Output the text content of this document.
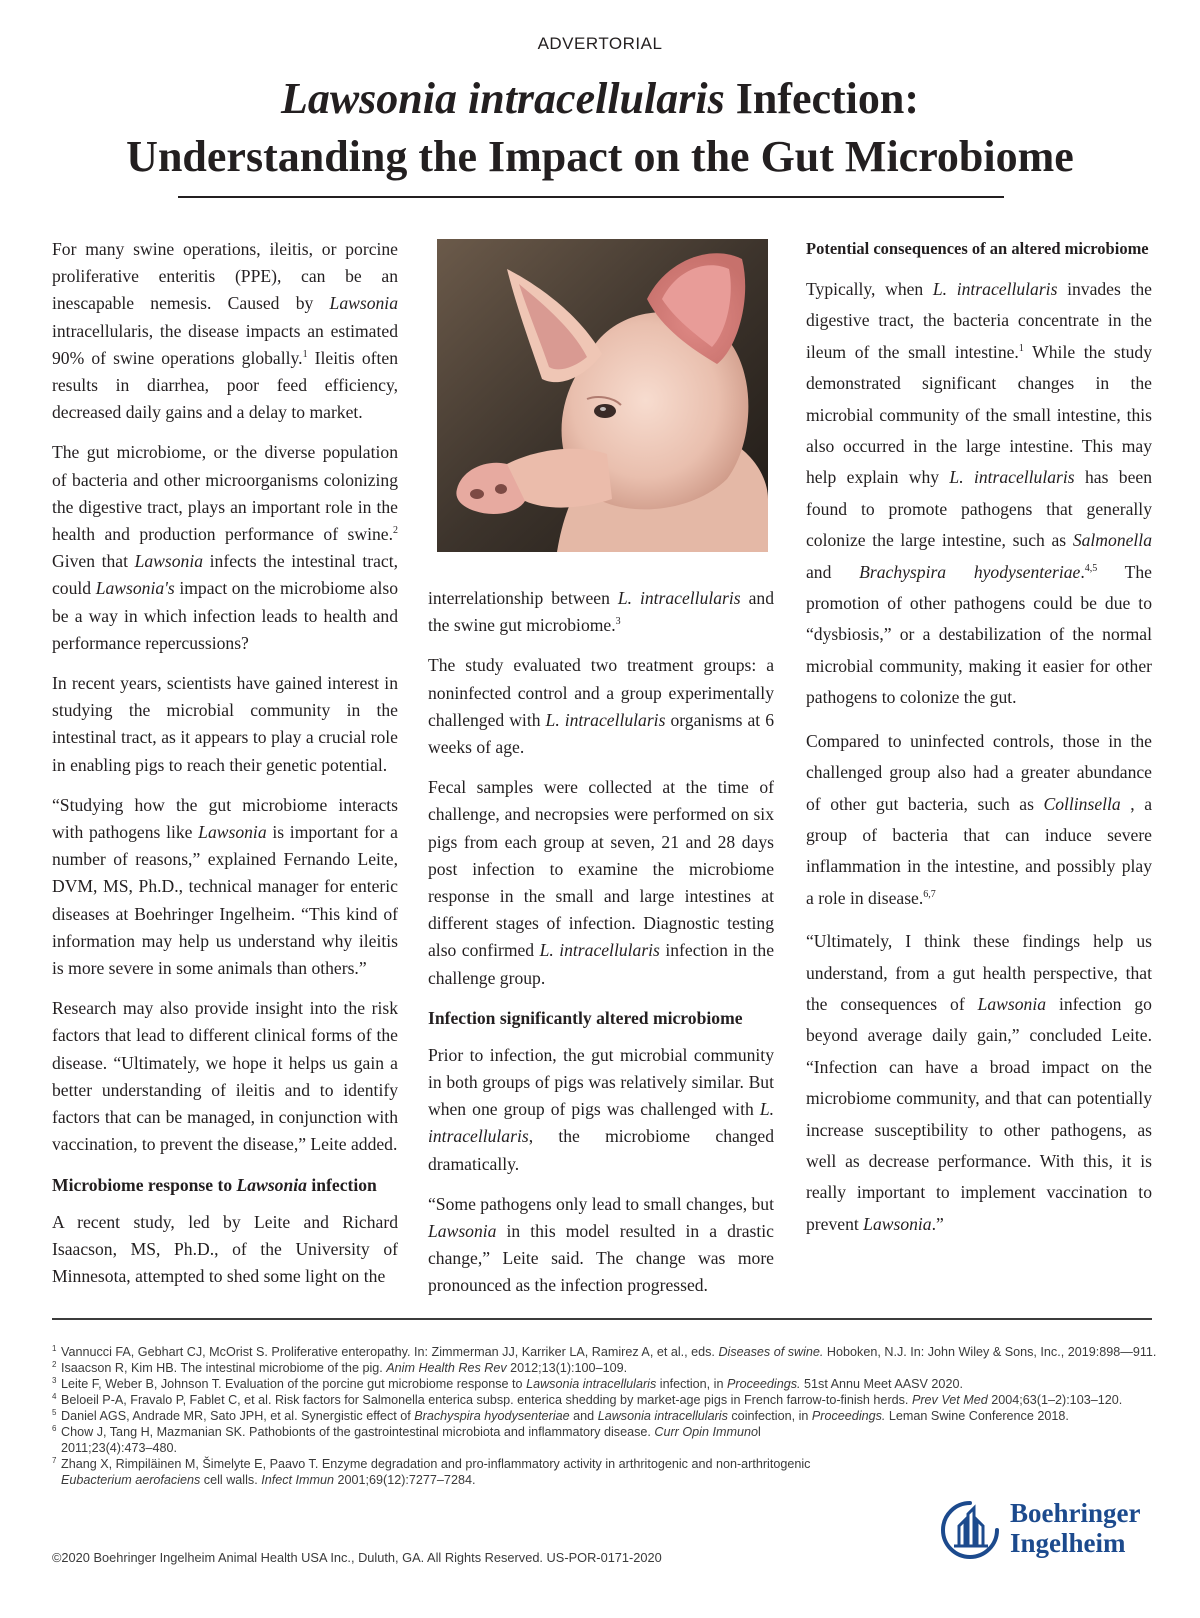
ADVERTORIAL
Lawsonia intracellularis Infection:
Understanding the Impact on the Gut Microbiome

For many swine operations, ileitis, or porcine proliferative enteritis (PPE), can be an inescapable nemesis. Caused by Lawsonia intracellularis, the disease impacts an estimated 90% of swine operations globally.$^1$ Ileitis often results in diarrhea, poor feed efficiency, decreased daily gains and a delay to market.

The gut microbiome, or the diverse population of bacteria and other microorganisms colonizing the digestive tract, plays an important role in the health and production performance of swine.$^2$ Given that Lawsonia infects the intestinal tract, could Lawsonia's impact on the microbiome also be a way in which infection leads to health and performance repercussions?

In recent years, scientists have gained interest in studying the microbial community in the intestinal tract, as it appears to play a crucial role in enabling pigs to reach their genetic potential.

“Studying how the gut microbiome interacts with pathogens like Lawsonia is important for a number of reasons,” explained Fernando Leite, DVM, MS, Ph.D., technical manager for enteric diseases at Boehringer Ingelheim. “This kind of information may help us understand why ileitis is more severe in some animals than others.”

Research may also provide insight into the risk factors that lead to different clinical forms of the disease. “Ultimately, we hope it helps us gain a better understanding of ileitis and to identify factors that can be managed, in conjunction with vaccination, to prevent the disease,” Leite added.

Microbiome response to Lawsonia infection

A recent study, led by Leite and Richard Isaacson, MS, Ph.D., of the University of Minnesota, attempted to shed some light on the

interrelationship between L. intracellularis and the swine gut microbiome.$^3$

The study evaluated two treatment groups: a noninfected control and a group experimentally challenged with L. intracellularis organisms at 6 weeks of age.

Fecal samples were collected at the time of challenge, and necropsies were performed on six pigs from each group at seven, 21 and 28 days post infection to examine the microbiome response in the small and large intestines at different stages of infection. Diagnostic testing also confirmed L. intracellularis infection in the challenge group.

Infection significantly altered microbiome

Prior to infection, the gut microbial community in both groups of pigs was relatively similar. But when one group of pigs was challenged with L. intracellularis, the microbiome changed dramatically.

“Some pathogens only lead to small changes, but Lawsonia in this model resulted in a drastic change,” Leite said. The change was more pronounced as the infection progressed.

Potential consequences of an altered microbiome

Typically, when L. intracellularis invades the digestive tract, the bacteria concentrate in the ileum of the small intestine.$^1$ While the study demonstrated significant changes in the microbial community of the small intestine, this also occurred in the large intestine. This may help explain why L. intracellularis has been found to promote pathogens that generally colonize the large intestine, such as Salmonella and Brachyspira hyodysenteriae.$^{4,5}$ The promotion of other pathogens could be due to “dysbiosis,” or a destabilization of the normal microbial community, making it easier for other pathogens to colonize the gut.

Compared to uninfected controls, those in the challenged group also had a greater abundance of other gut bacteria, such as Collinsella , a group of bacteria that can induce severe inflammation in the intestine, and possibly play a role in disease.$^{6,7}$

“Ultimately, I think these findings help us understand, from a gut health perspective, that the consequences of Lawsonia infection go beyond average daily gain,” concluded Leite. “Infection can have a broad impact on the microbiome community, and that can potentially increase susceptibility to other pathogens, as well as decrease performance. With this, it is really important to implement vaccination to prevent Lawsonia.”

1 Vannucci FA, Gebhart CJ, McOrist S. Proliferative enteropathy. In: Zimmerman JJ, Karriker LA, Ramirez A, et al., eds. Diseases of swine. Hoboken, N.J. In: John Wiley & Sons, Inc., 2019:898—911.
2 Isaacson R, Kim HB. The intestinal microbiome of the pig. Anim Health Res Rev 2012;13(1):100–109.
3 Leite F, Weber B, Johnson T. Evaluation of the porcine gut microbiome response to Lawsonia intracellularis infection, in Proceedings. 51st Annu Meet AASV 2020.
4 Beloeil P-A, Fravalo P, Fablet C, et al. Risk factors for Salmonella enterica subsp. enterica shedding by market-age pigs in French farrow-to-finish herds. Prev Vet Med 2004;63(1–2):103–120.
5 Daniel AGS, Andrade MR, Sato JPH, et al. Synergistic effect of Brachyspira hyodysenteriae and Lawsonia intracellularis coinfection, in Proceedings. Leman Swine Conference 2018.
6 Chow J, Tang H, Mazmanian SK. Pathobionts of the gastrointestinal microbiota and inflammatory disease. Curr Opin Immunol 2011;23(4):473–480.
7 Zhang X, Rimpiläinen M, Šimelyte E, Paavo T. Enzyme degradation and pro-inflammatory activity in arthritogenic and non-arthritogenic Eubacterium aerofaciens cell walls. Infect Immun 2001;69(12):7277–7284.
©2020 Boehringer Ingelheim Animal Health USA Inc., Duluth, GA. All Rights Reserved. US-POR-0171-2020
Boehringer
Ingelheim
